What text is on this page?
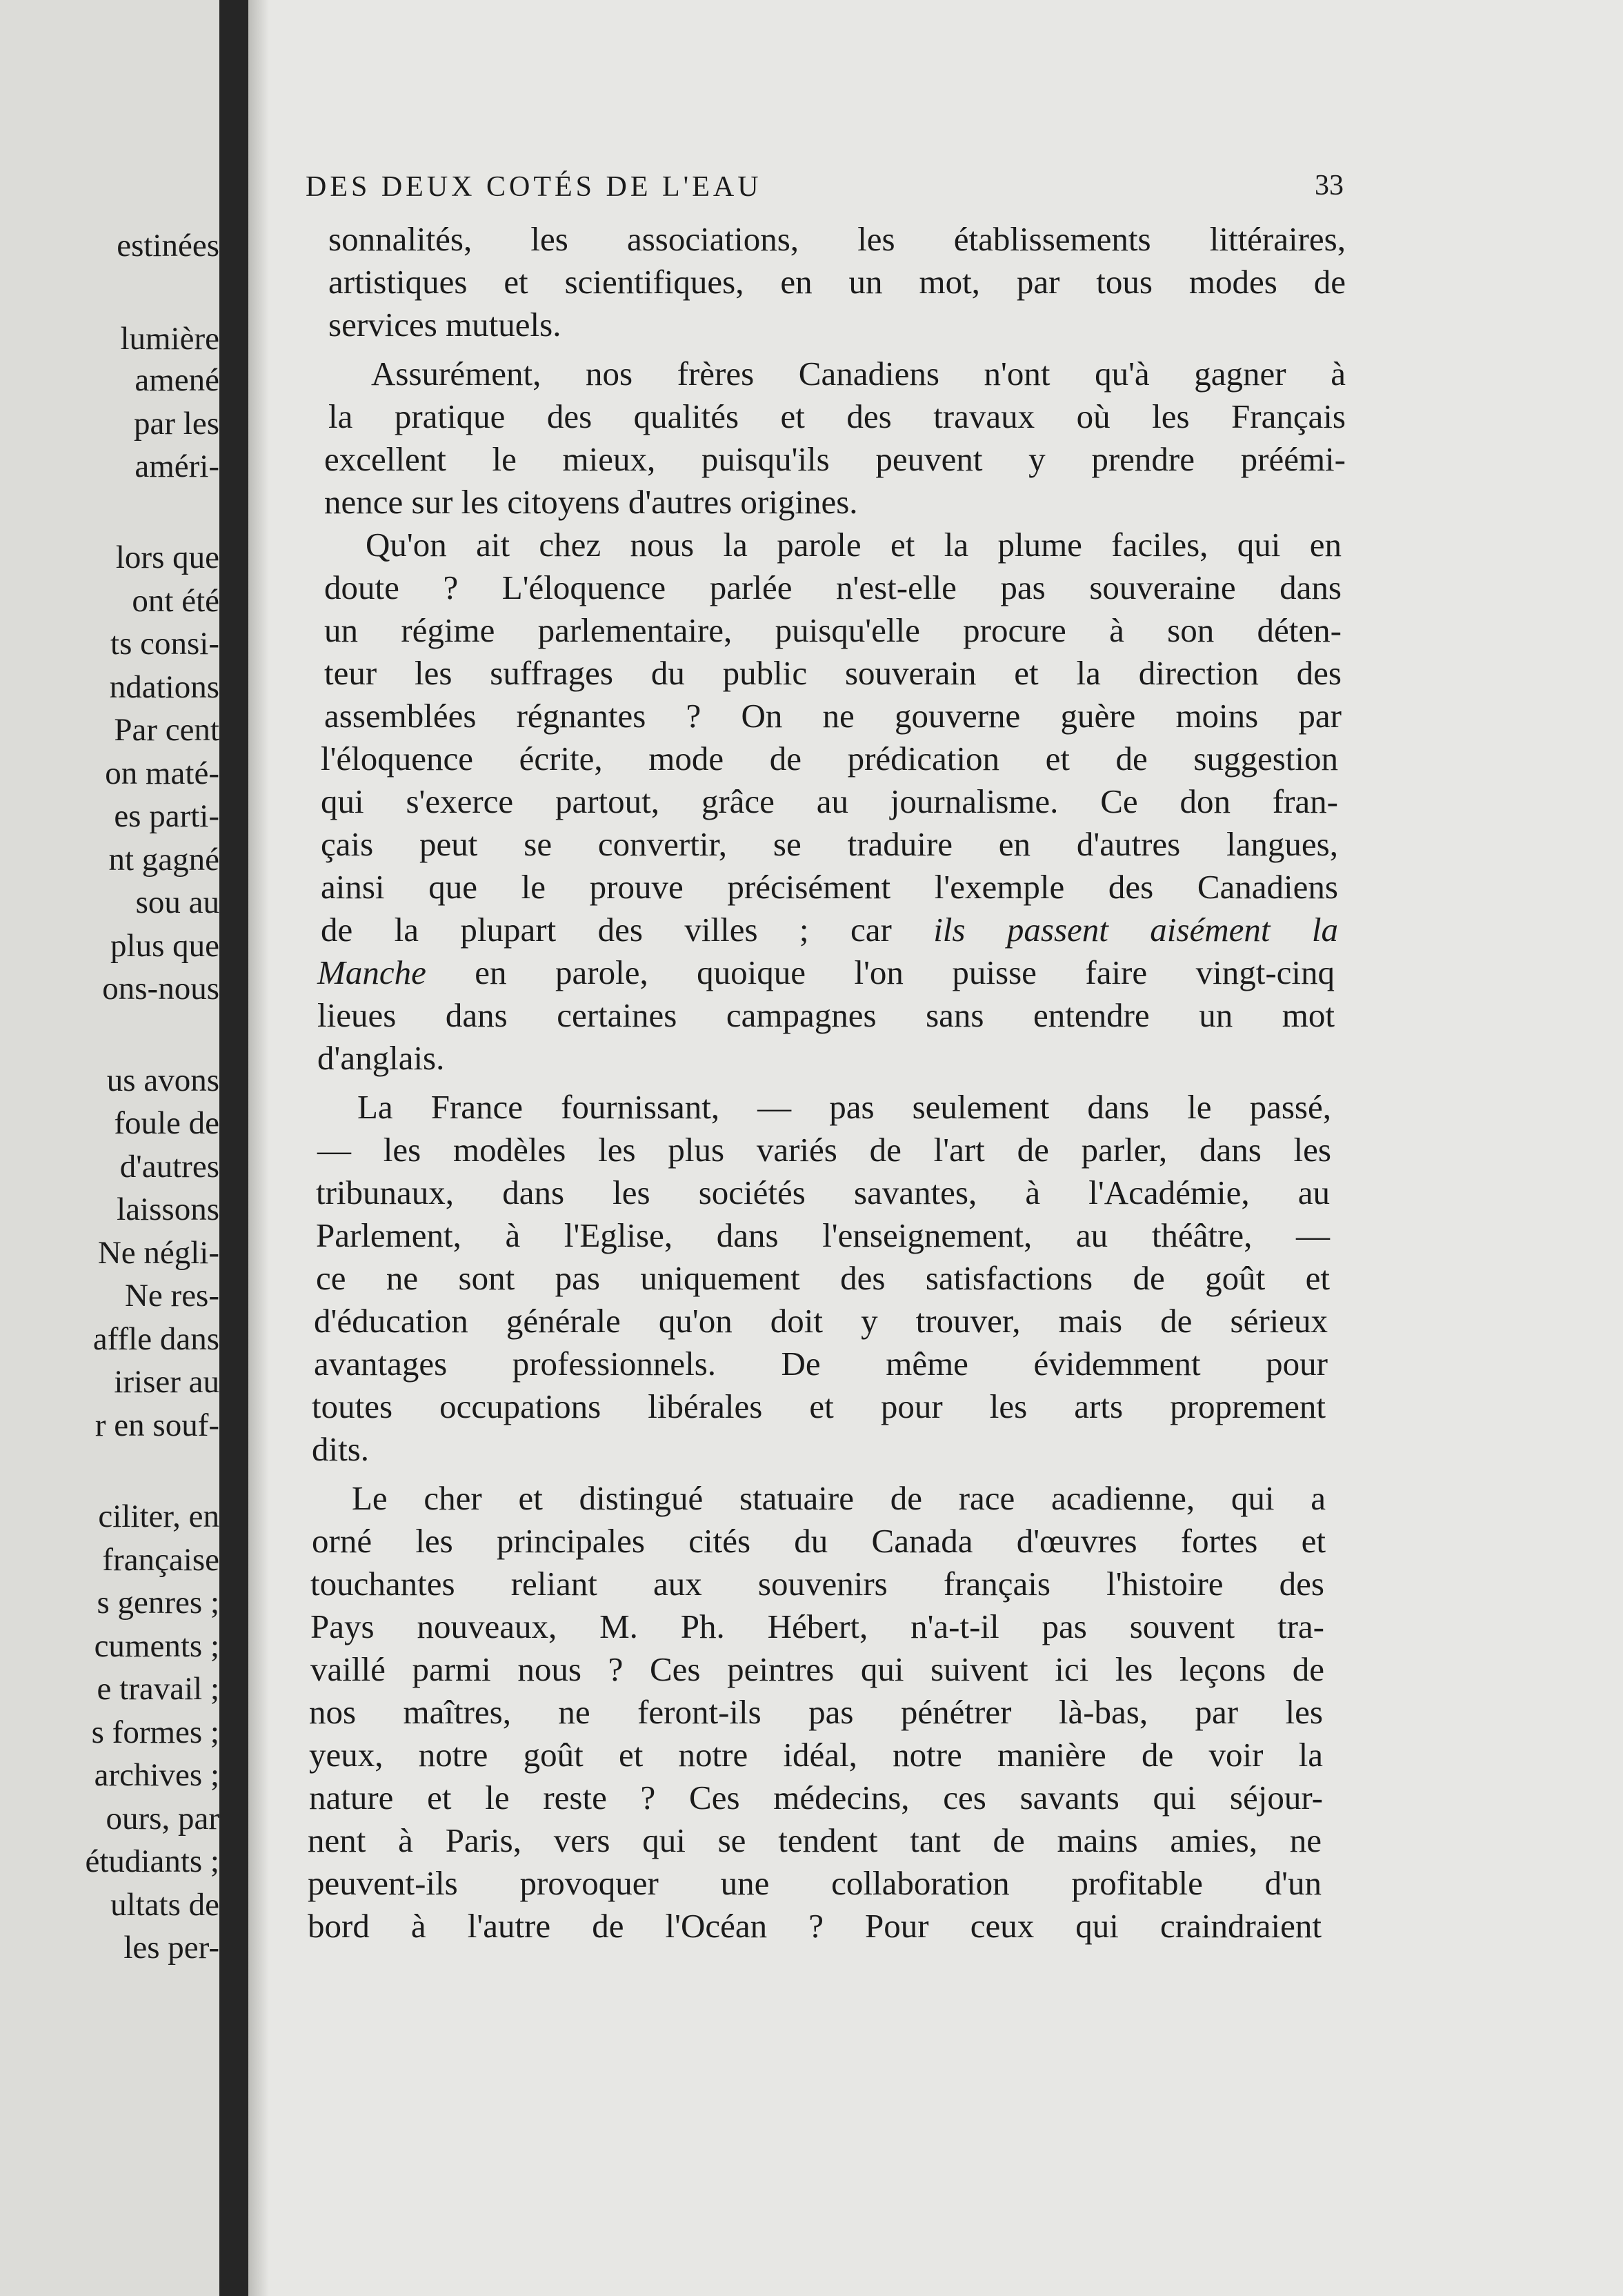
estinées
lumière
amené
par les
améri-
lors que
ont été
ts consi-
ndations
Par cent
on maté-
es parti-
nt gagné
sou au
plus que
ons-nous
us avons
foule de
d'autres
laissons
Ne négli-
Ne res-
affle dans
iriser au
r en souf-
ciliter, en
française
s genres ;
cuments ;
e travail ;
s formes ;
archives ;
ours, par
étudiants ;
ultats de
les per-
DES DEUX COTÉS DE L'EAU	33
sonnalités, les associations, les établissements littéraires,
artistiques et scientifiques, en un mot, par tous modes de
services mutuels.
Assurément, nos frères Canadiens n'ont qu'à gagner à
la pratique des qualités et des travaux où les Français
excellent le mieux, puisqu'ils peuvent y prendre préémi-
nence sur les citoyens d'autres origines.
Qu'on ait chez nous la parole et la plume faciles, qui en
doute ? L'éloquence parlée n'est-elle pas souveraine dans
un régime parlementaire, puisqu'elle procure à son déten-
teur les suffrages du public souverain et la direction des
assemblées régnantes ? On ne gouverne guère moins par
l'éloquence écrite, mode de prédication et de suggestion
qui s'exerce partout, grâce au journalisme. Ce don fran-
çais peut se convertir, se traduire en d'autres langues,
ainsi que le prouve précisément l'exemple des Canadiens
de la plupart des villes ; car ils passent aisément la
Manche en parole, quoique l'on puisse faire vingt-cinq
lieues dans certaines campagnes sans entendre un mot
d'anglais.
La France fournissant, — pas seulement dans le passé,
— les modèles les plus variés de l'art de parler, dans les
tribunaux, dans les sociétés savantes, à l'Académie, au
Parlement, à l'Eglise, dans l'enseignement, au théâtre, —
ce ne sont pas uniquement des satisfactions de goût et
d'éducation générale qu'on doit y trouver, mais de sérieux
avantages professionnels. De même évidemment pour
toutes occupations libérales et pour les arts proprement
dits.
Le cher et distingué statuaire de race acadienne, qui a
orné les principales cités du Canada d'œuvres fortes et
touchantes reliant aux souvenirs français l'histoire des
Pays nouveaux, M. Ph. Hébert, n'a-t-il pas souvent tra-
vaillé parmi nous ? Ces peintres qui suivent ici les leçons de
nos maîtres, ne feront-ils pas pénétrer là-bas, par les
yeux, notre goût et notre idéal, notre manière de voir la
nature et le reste ? Ces médecins, ces savants qui séjour-
nent à Paris, vers qui se tendent tant de mains amies, ne
peuvent-ils provoquer une collaboration profitable d'un
bord à l'autre de l'Océan ? Pour ceux qui craindraient
